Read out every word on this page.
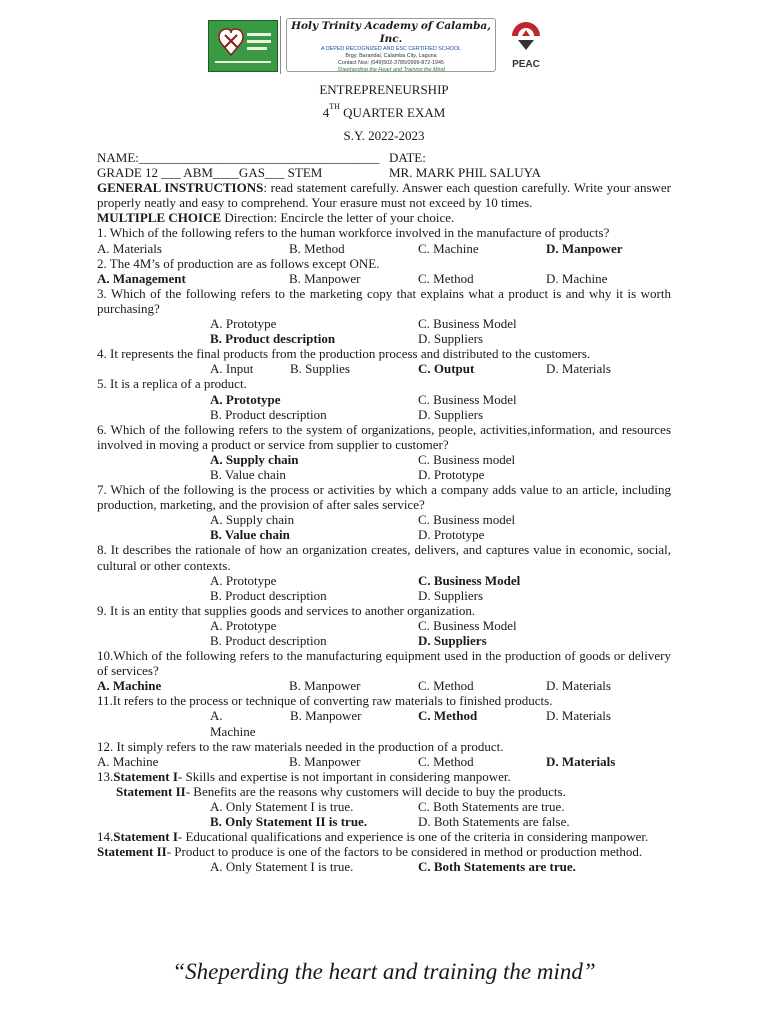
Holy Trinity Academy of Calamba, Inc.
A DEPED RECOGNIZED AND ESC CERTIFIED SCHOOL
Brgy. Barandal, Calamba City, Laguna
Contact Nos: (049)502-3785/0999-872-1945
Shepherding the Heart and Training the Mind	PEAC
ENTREPRENEURSHIP
4TH QUARTER EXAM
S.Y. 2022-2023
NAME:_____________________________________ DATE:
GRADE 12 ___ ABM____GAS___ STEM	MR. MARK PHIL SALUYA
GENERAL INSTRUCTIONS: read statement carefully. Answer each question carefully. Write your answer properly neatly and easy to comprehend. Your erasure must not exceed by 10 times.
MULTIPLE CHOICE Direction: Encircle the letter of your choice.
1. Which of the following refers to the human workforce involved in the manufacture of products?
A. Materials	B. Method	C. Machine	D. Manpower
2. The 4M’s of production are as follows except ONE.
A. Management	B. Manpower	C. Method	D. Machine
3. Which of the following refers to the marketing copy that explains what a product is and why it is worth purchasing?
A. Prototype	C. Business Model
B. Product description	D. Suppliers
4. It represents the final products from the production process and distributed to the customers.
A. Input	B. Supplies	C. Output	D. Materials
5. It is a replica of a product.
A. Prototype	C. Business Model
B. Product description	D. Suppliers
6. Which of the following refers to the system of organizations, people, activities,information, and resources involved in moving a product or service from supplier to customer?
A. Supply chain	C. Business model
B. Value chain	D. Prototype
7. Which of the following is the process or activities by which a company adds value to an article, including production, marketing, and the provision of after sales service?
A. Supply chain	C. Business model
B. Value chain	D. Prototype
8. It describes the rationale of how an organization creates, delivers, and captures value in economic, social, cultural or other contexts.
A. Prototype	C. Business Model
B. Product description	D. Suppliers
9. It is an entity that supplies goods and services to another organization.
A. Prototype	C. Business Model
B. Product description	D. Suppliers
10.Which of the following refers to the manufacturing equipment used in the production of goods or delivery of services?
A. Machine	B. Manpower	C. Method	D. Materials
11.It refers to the process or technique of converting raw materials to finished products.
A.	B. Manpower	C. Method	D. Materials
Machine
12. It simply refers to the raw materials needed in the production of a product.
A. Machine	B. Manpower	C. Method	D. Materials
13.Statement I- Skills and expertise is not important in considering manpower.
Statement II- Benefits are the reasons why customers will decide to buy the products.
A. Only Statement I is true.	C. Both Statements are true.
B. Only Statement II is true.	D. Both Statements are false.
14.Statement I- Educational qualifications and experience is one of the criteria in considering manpower.
Statement II- Product to produce is one of the factors to be considered in method or production method.
A. Only Statement I is true.	C. Both Statements are true.
“Sheperding the heart and training the mind”
